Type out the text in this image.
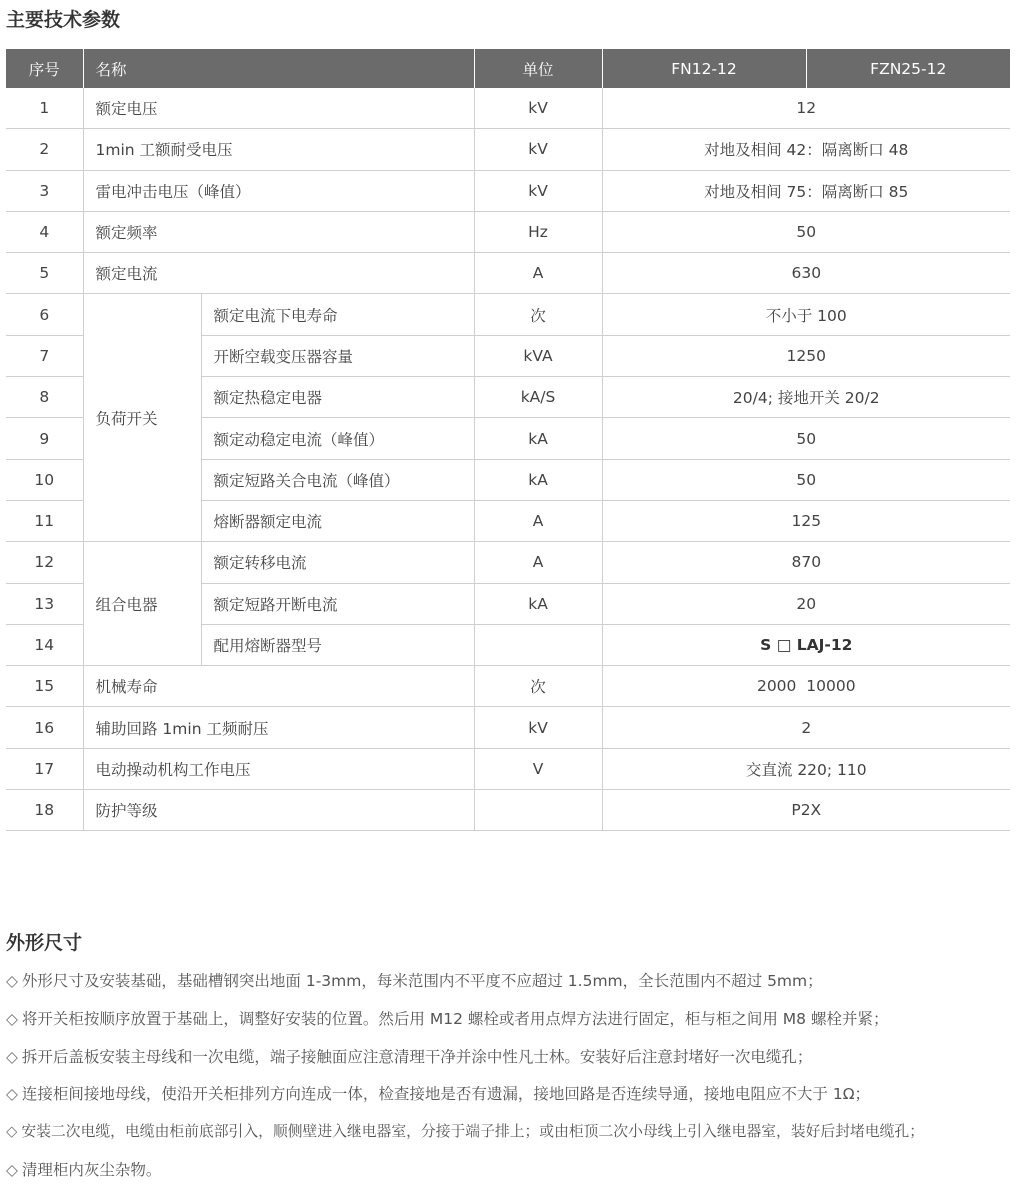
主要技术参数
序号	名称		单位	FN12-12	FZN25-12
1	额定电压		kV	12	
2	1min 工额耐受电压		kV	对地及相间 42：隔离断口 48	
3	雷电冲击电压（峰值）		kV	对地及相间 75：隔离断口 85	
4	额定频率		Hz	50	
5	额定电流		A	630	
6	负荷开关	额定电流下电寿命	次	不小于 100	
7		开断空载变压器容量	kVA	1250	
8		额定热稳定电器	kA/S	20/4; 接地开关 20/2	
9		额定动稳定电流（峰值）	kA	50	
10		额定短路关合电流（峰值）	kA	50	
11		熔断器额定电流	A	125	
12	组合电器	额定转移电流	A	870	
13		额定短路开断电流	kA	20	
14		配用熔断器型号		S □ LAJ-12	
15	机械寿命		次	2000  10000	
16	辅助回路 1min 工频耐压		kV	2	
17	电动操动机构工作电压		V	交直流 220; 110	
18	防护等级			P2X	
外形尺寸
◇ 外形尺寸及安装基础，基础槽钢突出地面 1-3mm，每米范围内不平度不应超过 1.5mm，全长范围内不超过 5mm；
◇ 将开关柜按顺序放置于基础上，调整好安装的位置。然后用 M12 螺栓或者用点焊方法进行固定，柜与柜之间用 M8 螺栓并紧；
◇ 拆开后盖板安装主母线和一次电缆，端子接触面应注意清理干净并涂中性凡士林。安装好后注意封堵好一次电缆孔；
◇ 连接柜间接地母线，使沿开关柜排列方向连成一体，检查接地是否有遗漏，接地回路是否连续导通，接地电阻应不大于 1Ω；
◇ 安装二次电缆，电缆由柜前底部引入，顺侧壁进入继电器室，分接于端子排上；或由柜顶二次小母线上引入继电器室，装好后封堵电缆孔；
◇ 清理柜内灰尘杂物。
